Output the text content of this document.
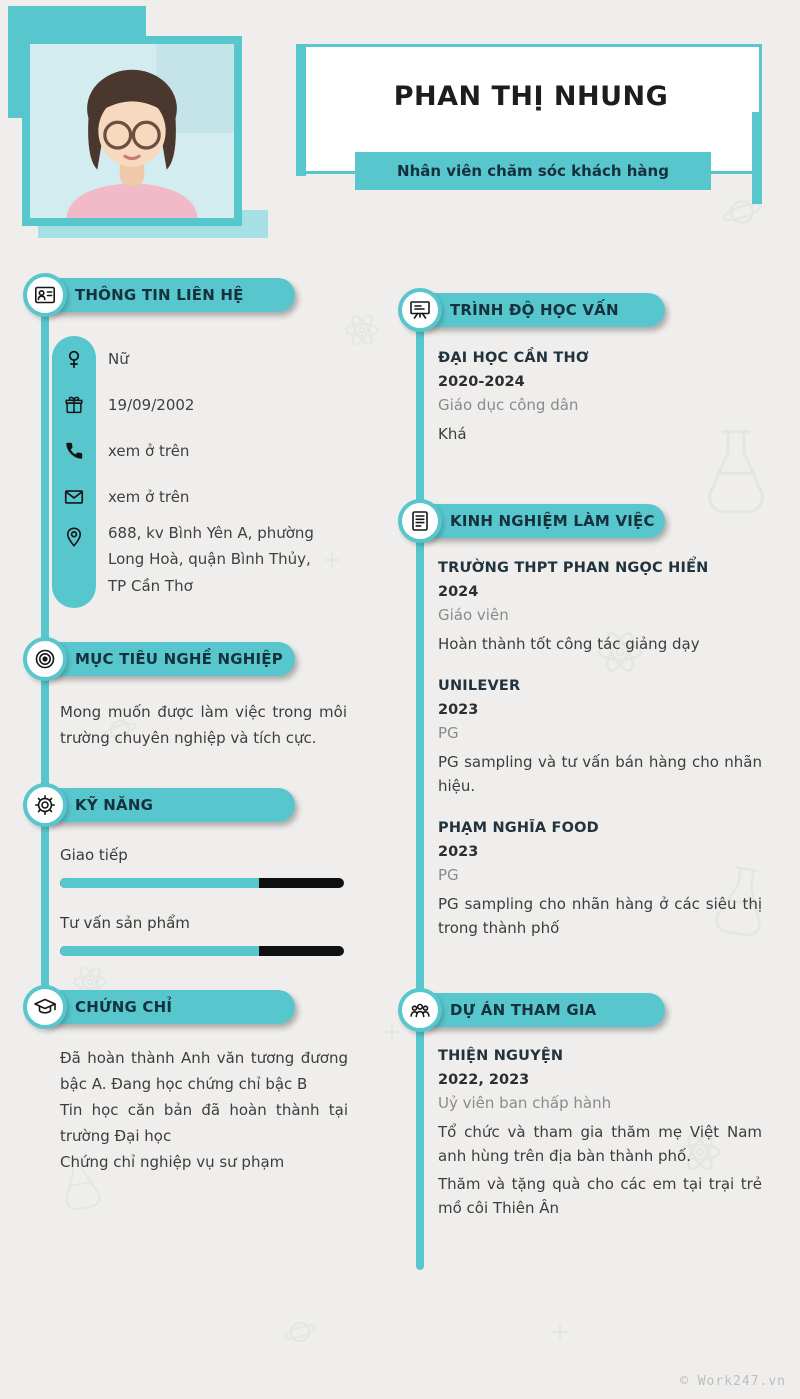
PHAN THỊ NHUNG
Nhân viên chăm sóc khách hàng
THÔNG TIN LIÊN HỆ
Nữ
19/09/2002
xem ở trên
xem ở trên
688, kv Bình Yên A, phường Long Hoà, quận Bình Thủy, TP Cần Thơ
MỤC TIÊU NGHỀ NGHIỆP

Mong muốn được làm việc trong môi trường chuyên nghiệp và tích cực.

KỸ NĂNG
Giao tiếp
Tư vấn sản phẩm
CHỨNG CHỈ

Đã hoàn thành Anh văn tương đương bậc A. Đang học chứng chỉ bậc B

Tin học căn bản đã hoàn thành tại trường Đại học

Chứng chỉ nghiệp vụ sư phạm

TRÌNH ĐỘ HỌC VẤN
ĐẠI HỌC CẦN THƠ
2020-2024
Giáo dục công dân
Khá
KINH NGHIỆM LÀM VIỆC
TRƯỜNG THPT PHAN NGỌC HIỂN
2024
Giáo viên
Hoàn thành tốt công tác giảng dạy
UNILEVER
2023
PG
PG sampling và tư vấn bán hàng cho nhãn hiệu.
PHẠM NGHĨA FOOD
2023
PG
PG sampling cho nhãn hàng ở các siêu thị trong thành phố
DỰ ÁN THAM GIA
THIỆN NGUYỆN
2022, 2023
Uỷ viên ban chấp hành
Tổ chức và tham gia thăm mẹ Việt Nam anh hùng trên địa bàn thành phố.
Thăm và tặng quà cho các em tại trại trẻ mồ côi Thiên Ân
© Work247.vn
